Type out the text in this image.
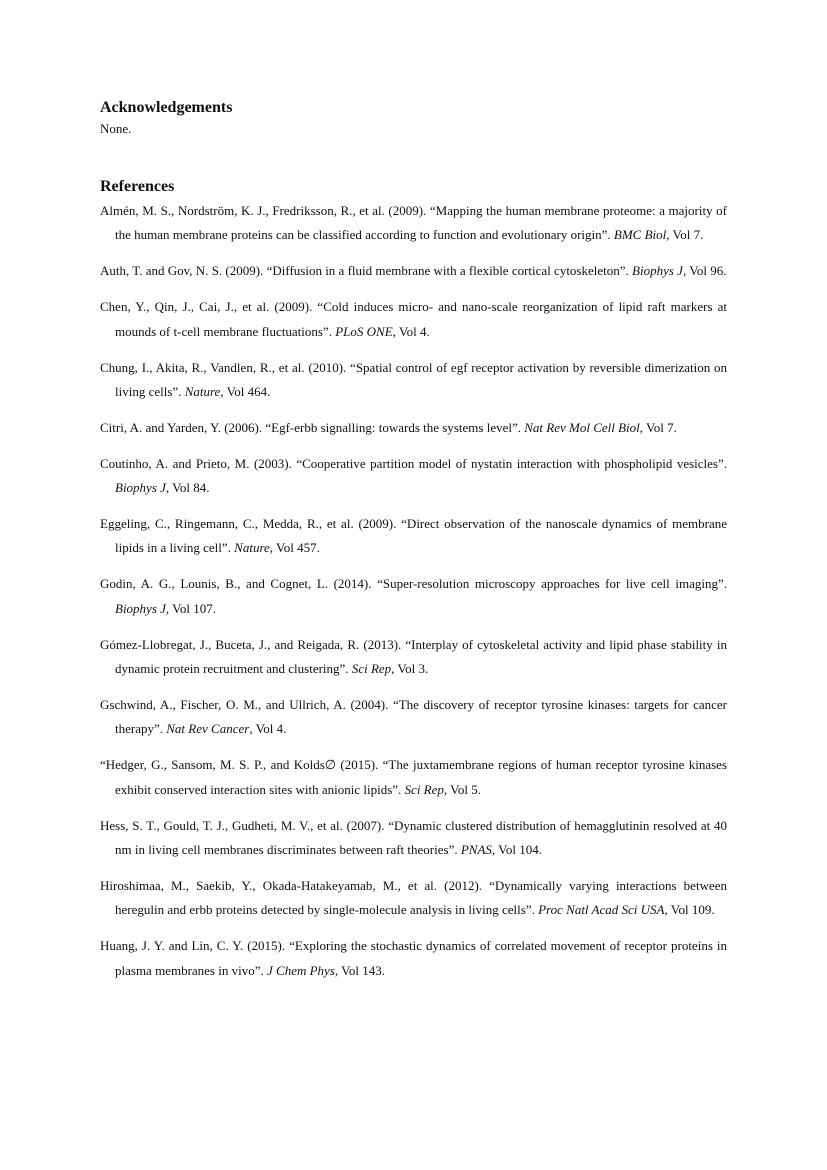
Acknowledgements

None.

References
Almén, M. S., Nordström, K. J., Fredriksson, R., et al. (2009). “Mapping the human membrane proteome: a majority of the human membrane proteins can be classified according to function and evolutionary origin”. BMC Biol, Vol 7.
Auth, T. and Gov, N. S. (2009). “Diffusion in a fluid membrane with a flexible cortical cytoskeleton”. Biophys J, Vol 96.
Chen, Y., Qin, J., Cai, J., et al. (2009). “Cold induces micro- and nano-scale reorganization of lipid raft markers at mounds of t-cell membrane fluctuations”. PLoS ONE, Vol 4.
Chung, I., Akita, R., Vandlen, R., et al. (2010). “Spatial control of egf receptor activation by reversible dimerization on living cells”. Nature, Vol 464.
Citri, A. and Yarden, Y. (2006). “Egf-erbb signalling: towards the systems level”. Nat Rev Mol Cell Biol, Vol 7.
Coutinho, A. and Prieto, M. (2003). “Cooperative partition model of nystatin interaction with phospholipid vesicles”. Biophys J, Vol 84.
Eggeling, C., Ringemann, C., Medda, R., et al. (2009). “Direct observation of the nanoscale dynamics of membrane lipids in a living cell”. Nature, Vol 457.
Godin, A. G., Lounis, B., and Cognet, L. (2014). “Super-resolution microscopy approaches for live cell imaging”. Biophys J, Vol 107.
Gómez-Llobregat, J., Buceta, J., and Reigada, R. (2013). “Interplay of cytoskeletal activity and lipid phase stability in dynamic protein recruitment and clustering”. Sci Rep, Vol 3.
Gschwind, A., Fischer, O. M., and Ullrich, A. (2004). “The discovery of receptor tyrosine kinases: targets for cancer therapy”. Nat Rev Cancer, Vol 4.
“Hedger, G., Sansom, M. S. P., and Kolds∅ (2015). “The juxtamembrane regions of human receptor tyrosine kinases exhibit conserved interaction sites with anionic lipids”. Sci Rep, Vol 5.
Hess, S. T., Gould, T. J., Gudheti, M. V., et al. (2007). “Dynamic clustered distribution of hemagglutinin resolved at 40 nm in living cell membranes discriminates between raft theories”. PNAS, Vol 104.
Hiroshimaa, M., Saekib, Y., Okada-Hatakeyamab, M., et al. (2012). “Dynamically varying interactions between heregulin and erbb proteins detected by single-molecule analysis in living cells”. Proc Natl Acad Sci USA, Vol 109.
Huang, J. Y. and Lin, C. Y. (2015). “Exploring the stochastic dynamics of correlated movement of receptor proteins in plasma membranes in vivo”. J Chem Phys, Vol 143.
